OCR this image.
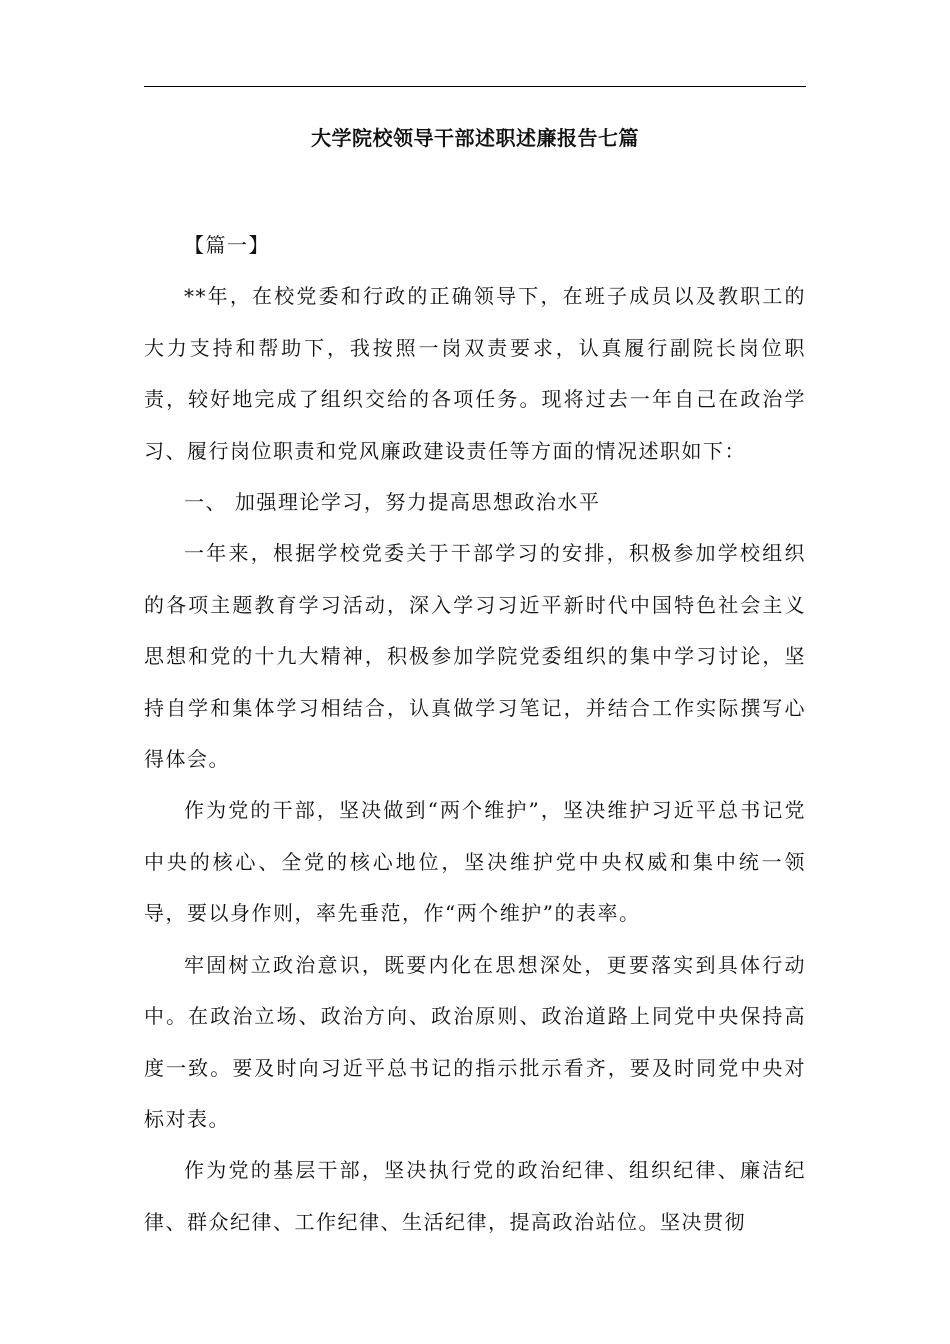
大学院校领导干部述职述廉报告七篇

【篇一】

**年，在校党委和行政的正确领导下，在班子成员以及教职工的大力支持和帮助下，我按照一岗双责要求，认真履行副院长岗位职责，较好地完成了组织交给的各项任务。现将过去一年自己在政治学习、履行岗位职责和党风廉政建设责任等方面的情况述职如下：

一、 加强理论学习，努力提高思想政治水平

一年来，根据学校党委关于干部学习的安排，积极参加学校组织的各项主题教育学习活动，深入学习习近平新时代中国特色社会主义思想和党的十九大精神，积极参加学院党委组织的集中学习讨论，坚持自学和集体学习相结合，认真做学习笔记，并结合工作实际撰写心得体会。

作为党的干部，坚决做到“两个维护”，坚决维护习近平总书记党中央的核心、全党的核心地位，坚决维护党中央权威和集中统一领导，要以身作则，率先垂范，作“两个维护”的表率。

牢固树立政治意识，既要内化在思想深处，更要落实到具体行动中。在政治立场、政治方向、政治原则、政治道路上同党中央保持高度一致。要及时向习近平总书记的指示批示看齐，要及时同党中央对标对表。

作为党的基层干部，坚决执行党的政治纪律、组织纪律、廉洁纪律、群众纪律、工作纪律、生活纪律，提高政治站位。坚决贯彻
